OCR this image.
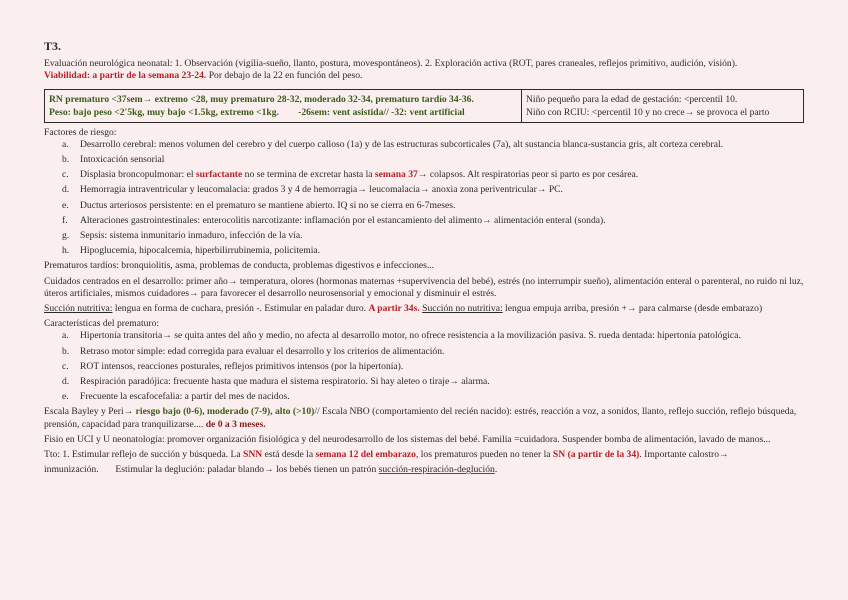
T3.
Evaluación neurológica neonatal: 1. Observación (vigilia-sueño, llanto, postura, movespontáneos). 2. Exploración activa (ROT, pares craneales, reflejos primitivo, audición, visión).
Viabilidad: a partir de la semana 23-24. Por debajo de la 22 en función del peso.
RN prematuro <37sem→ extremo <28, muy prematuro 28-32, moderado 32-34, prematuro tardío 34-36.
Peso: bajo peso <2'5kg, muy bajo <1.5kg, extremo <1kg. -26sem: vent asistida// -32: vent artificial

Niño pequeño para la edad de gestación: <percentil 10.
Niño con RCIU: <percentil 10 y no crece→ se provoca el parto
Factores de riesgo:
a. Desarrollo cerebral: menos volumen del cerebro y del cuerpo calloso (1a) y de las estructuras subcorticales (7a), alt sustancia blanca-sustancia gris, alt corteza cerebral.
b. Intoxicación sensorial
c. Displasia broncopulmonar: el surfactante no se termina de excretar hasta la semana 37→ colapsos. Alt respiratorias peor si parto es por cesárea.
d. Hemorragia intraventricular y leucomalacia: grados 3 y 4 de hemorragia→ leucomalacia→ anoxia zona periventricular→ PC.
e. Ductus arteriosos persistente: en el prematuro se mantiene abierto. IQ si no se cierra en 6-7meses.
f. Alteraciones gastrointestinales: enterocolitis narcotizante: inflamación por el estancamiento del alimento→ alimentación enteral (sonda).
g. Sepsis: sistema inmunitario inmaduro, infección de la vía.
h. Hipoglucemia, hipocalcemia, hiperbilirrubinemia, policitemia.
Prematuros tardíos: bronquiolitis, asma, problemas de conducta, problemas digestivos e infecciones...
Cuidados centrados en el desarrollo: primer año→ temperatura, olores (hormonas maternas +supervivencia del bebé), estrés (no interrumpir sueño), alimentación enteral o parenteral, no ruido ni luz, úteros artificiales, mismos cuidadores→ para favorecer el desarrollo neurosensorial y emocional y disminuir el estrés.
Succión nutritiva: lengua en forma de cuchara, presión -. Estimular en paladar duro. A partir 34s. Succión no nutritiva: lengua empuja arriba, presión +→ para calmarse (desde embarazo)
Características del prematuro:
a. Hipertonía transitoria→ se quita antes del año y medio, no afecta al desarrollo motor, no ofrece resistencia a la movilización pasiva. S. rueda dentada: hipertonía patológica.
b. Retraso motor simple: edad corregida para evaluar el desarrollo y los criterios de alimentación.
c. ROT intensos, reacciones posturales, reflejos primitivos intensos (por la hipertonía).
d. Respiración paradójica: frecuente hasta que madura el sistema respiratorio. Si hay aleteo o tiraje→ alarma.
e. Frecuente la escafocefalia: a partir del mes de nacidos.
Escala Bayley y Peri→ riesgo bajo (0-6), moderado (7-9), alto (>10)// Escala NBO (comportamiento del recién nacido): estrés, reacción a voz, a sonidos, llanto, reflejo succión, reflejo búsqueda, prensión, capacidad para tranquilizarse.... de 0 a 3 meses.
Fisio en UCI y U neonatología: promover organización fisiológica y del neurodesarrollo de los sistemas del bebé. Familia =cuidadora. Suspender bomba de alimentación, lavado de manos...
Tto: 1. Estimular reflejo de succión y búsqueda. La SNN está desde la semana 12 del embarazo, los prematuros pueden no tener la SN (a partir de la 34). Importante calostro→
inmunización. Estimular la deglución: paladar blando→ los bebés tienen un patrón succión-respiración-deglución.
